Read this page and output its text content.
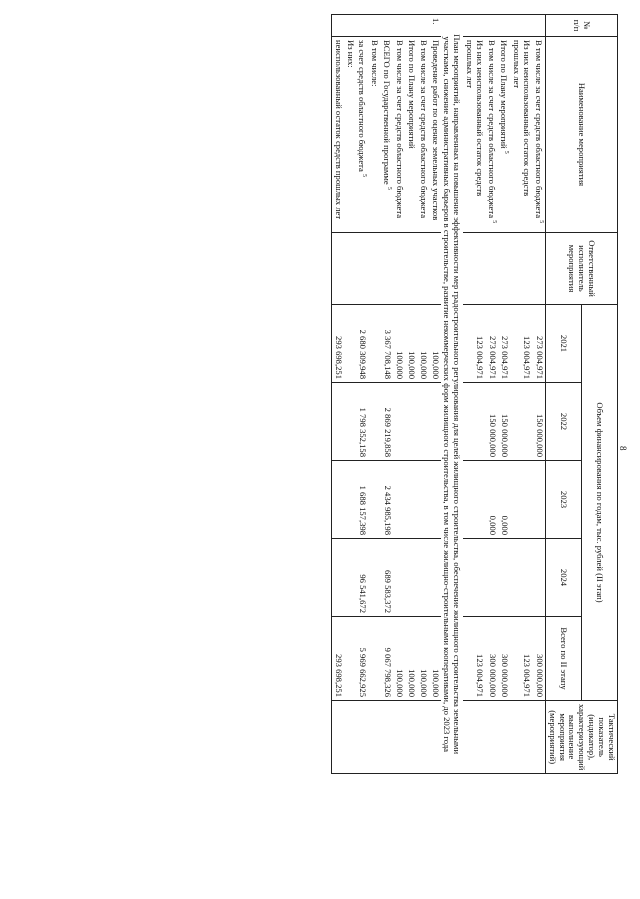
8
№ п/п	Наименование мероприятия	Ответственный исполнитель мероприятия	Объем финансирования по годам, тыс. рублей (II этап)					Тактический показатель (индикатор), характеризующий выполнение мероприятия (мероприятий)
			2021	2022	2023	2024	Всего по II этапу	
	В том числе за счет средств областного бюджета $^5$		273 004,971	150 000,000			300 000,000	
	Из них неиспользованный остаток средств прошлых лет		123 004,971				123 004,971	
	Итого по Плану мероприятий $^5$		273 004,971	150 000,000	0,000		300 000,000	
	В том числе за счет средств областного бюджета $^5$		273 004,971	150 000,000	0,000		300 000,000	
	Из них неиспользованный остаток средств прошлых лет		123 004,971				123 004,971	
План мероприятий, направленных на повышение эффективности мер градостроительного регулирования для целей жилищного строительства, обеспечение жилищного строительства земельными участками, снижение административных барьеров в строительстве, развитие некоммерческих форм жилищного строительства, в том числе жилищно-строительными кооперативами, до 2023 года								
1.	Проведение работ по оценке земельных участков		100,000				100,000	
	В том числе за счет средств областного бюджета		100,000				100,000	
	Итого по Плану мероприятий		100,000				100,000	
	В том числе за счет средств областного бюджета		100,000				100,000	
	ВСЕГО по Государственной программе $^5$		3 367 708,148	2 869 219,858	2 434 985,198	689 583,372	9 067 798,326	
	В том числе:							
	за счет средств областного бюджета $^5$		2 680 309,948	1 798 352,158	1 688 157,398	96 541,672	5 969 662,925	
	Из них:							
	неиспользованный остаток средств прошлых лет		293 698,251				293 698,251	
